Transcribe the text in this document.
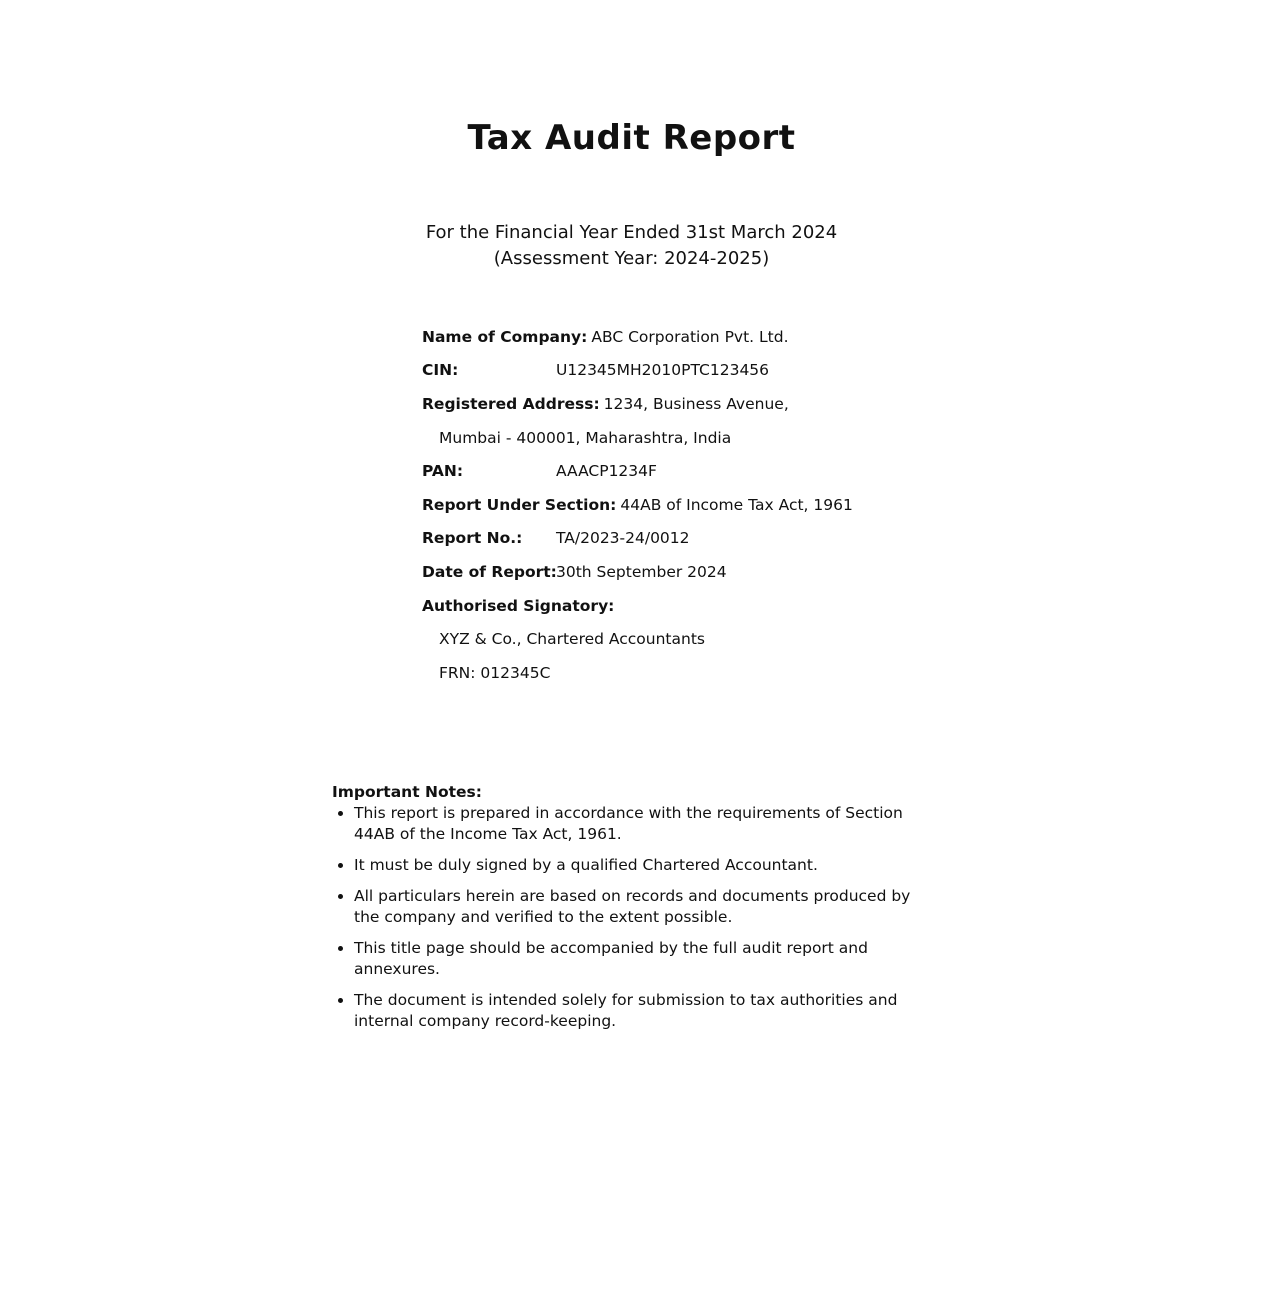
Tax Audit Report
For the Financial Year Ended 31st March 2024
(Assessment Year: 2024-2025)
Name of Company: ABC Corporation Pvt. Ltd.
CIN:	U12345MH2010PTC123456
Registered Address: 1234, Business Avenue,
Mumbai - 400001, Maharashtra, India
PAN:	AAACP1234F
Report Under Section: 44AB of Income Tax Act, 1961
Report No.:	TA/2023-24/0012
Date of Report: 30th September 2024
Authorised Signatory:
XYZ & Co., Chartered Accountants
FRN: 012345C
Important Notes:
• This report is prepared in accordance with the requirements of Section 44AB of the Income Tax Act, 1961.
• It must be duly signed by a qualified Chartered Accountant.
• All particulars herein are based on records and documents produced by the company and verified to the extent possible.
• This title page should be accompanied by the full audit report and annexures.
• The document is intended solely for submission to tax authorities and internal company record-keeping.
